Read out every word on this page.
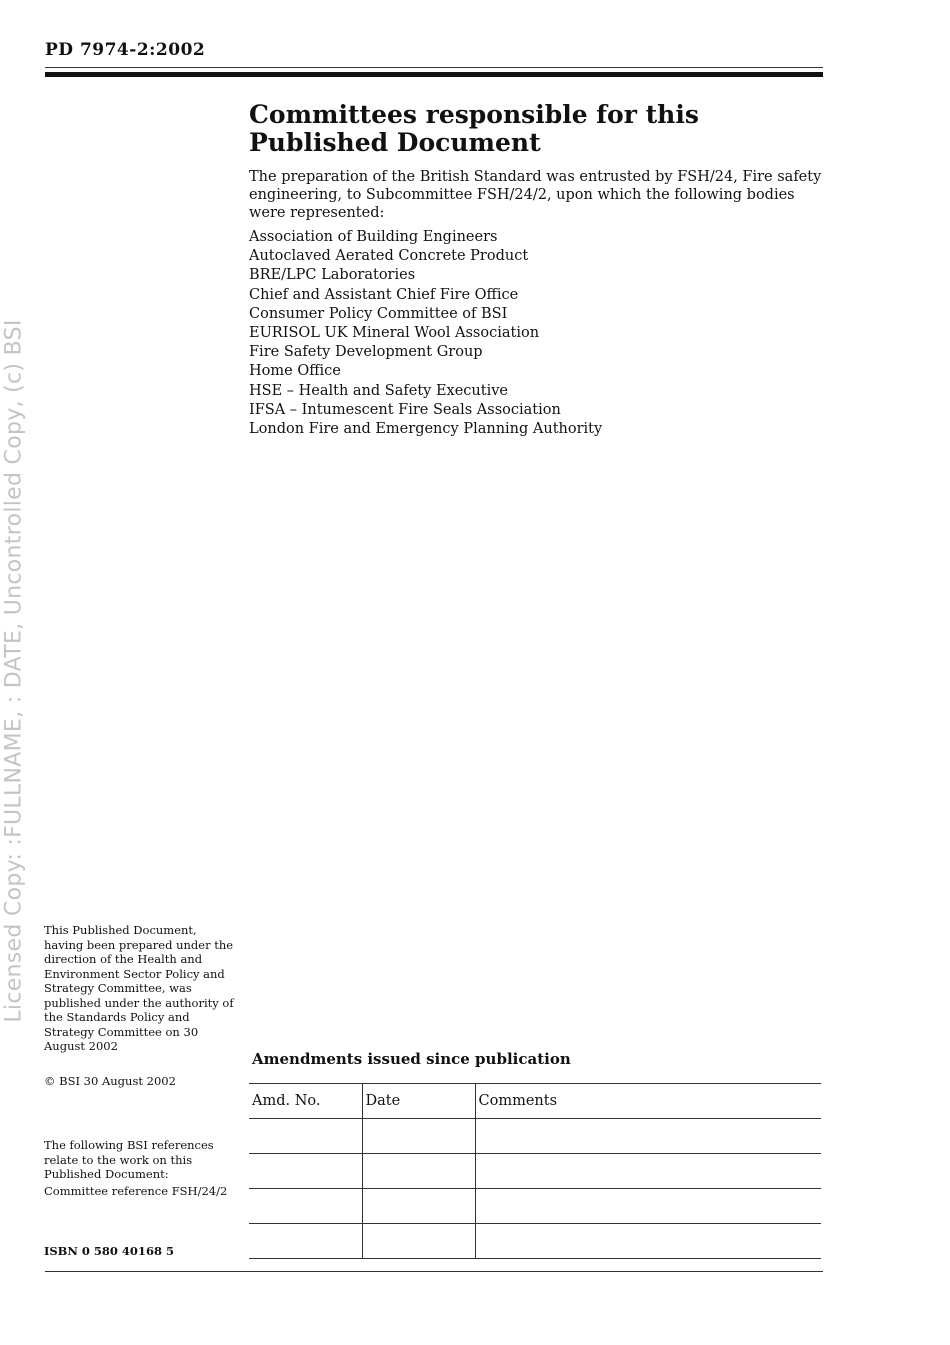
PD 7974-2:2002
Licensed Copy: :FULLNAME, : DATE, Uncontrolled Copy, (c) BSI
Committees responsible for this
Published Document
The preparation of the British Standard was entrusted by FSH/24, Fire safety engineering, to Subcommittee FSH/24/2, upon which the following bodies were represented:
Association of Building Engineers
Autoclaved Aerated Concrete Product
BRE/LPC Laboratories
Chief and Assistant Chief Fire Office
Consumer Policy Committee of BSI
EURISOL UK Mineral Wool Association
Fire Safety Development Group
Home Office
HSE – Health and Safety Executive
IFSA – Intumescent Fire Seals Association
London Fire and Emergency Planning Authority
This Published Document, having been prepared under the direction of the Health and Environment Sector Policy and Strategy Committee, was published under the authority of the Standards Policy and Strategy Committee on 30 August 2002
© BSI 30 August 2002
The following BSI references relate to the work on this Published Document:
Committee reference FSH/24/2
ISBN 0 580 40168 5
Amendments issued since publication
Amd. No.	Date	Comments
